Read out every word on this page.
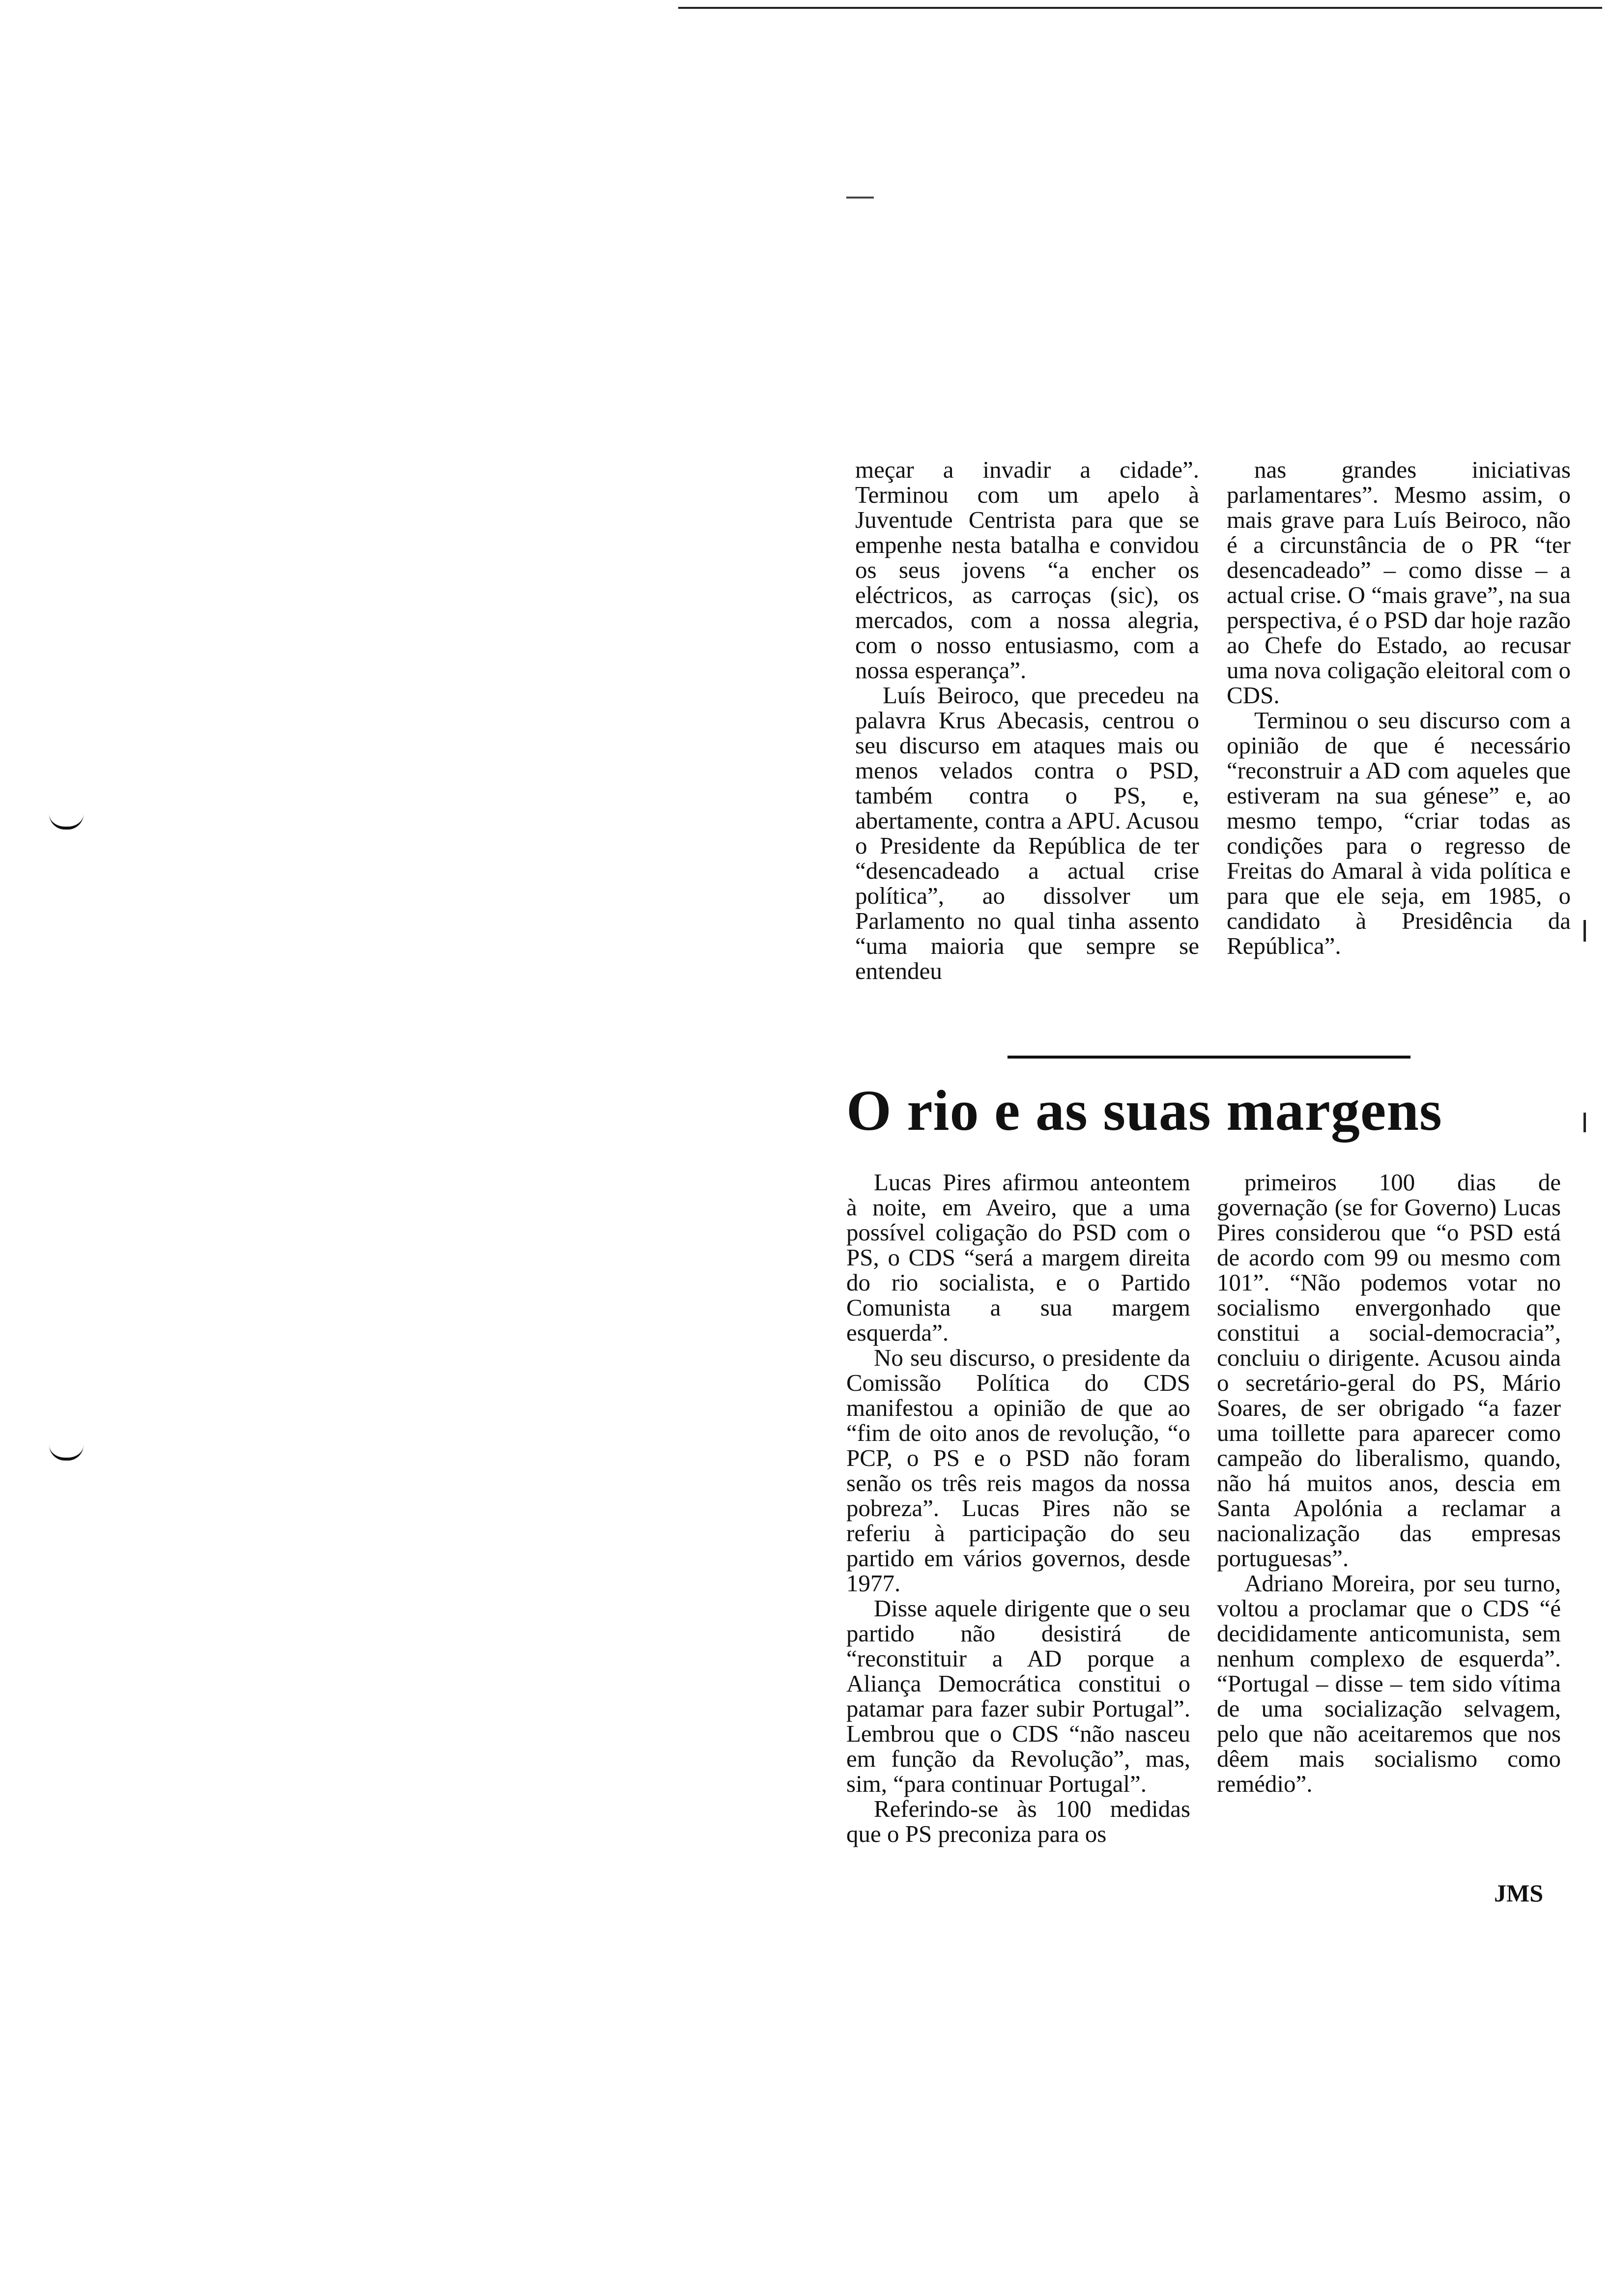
meçar a invadir a cidade”. Terminou com um apelo à Juventude Centrista para que se empenhe nesta batalha e convidou os seus jovens “a encher os eléctricos, as carroças (sic), os mercados, com a nossa alegria, com o nosso entusiasmo, com a nossa esperança”.

Luís Beiroco, que precedeu na palavra Krus Abecasis, centrou o seu discurso em ataques mais ou menos velados contra o PSD, também contra o PS, e, abertamente, contra a APU. Acusou o Presidente da República de ter “desencadeado a actual crise política”, ao dissolver um Parlamento no qual tinha assento “uma maioria que sempre se entendeu

nas grandes iniciativas parlamentares”. Mesmo assim, o mais grave para Luís Beiroco, não é a circunstância de o PR “ter desencadeado” – como disse – a actual crise. O “mais grave”, na sua perspectiva, é o PSD dar hoje razão ao Chefe do Estado, ao recusar uma nova coligação eleitoral com o CDS.

Terminou o seu discurso com a opinião de que é necessário “reconstruir a AD com aqueles que estiveram na sua génese” e, ao mesmo tempo, “criar todas as condições para o regresso de Freitas do Amaral à vida política e para que ele seja, em 1985, o candidato à Presidência da República”.

O rio e as suas margens

Lucas Pires afirmou anteontem à noite, em Aveiro, que a uma possível coligação do PSD com o PS, o CDS “será a margem direita do rio socialista, e o Partido Comunista a sua margem esquerda”.

No seu discurso, o presidente da Comissão Política do CDS manifestou a opinião de que ao “fim de oito anos de revolução, “o PCP, o PS e o PSD não foram senão os três reis magos da nossa pobreza”. Lucas Pires não se referiu à participação do seu partido em vários governos, desde 1977.

Disse aquele dirigente que o seu partido não desistirá de “reconstituir a AD porque a Aliança Democrática constitui o patamar para fazer subir Portugal”. Lembrou que o CDS “não nasceu em função da Revolução”, mas, sim, “para continuar Portugal”.

Referindo-se às 100 medidas que o PS preconiza para os

primeiros 100 dias de governação (se for Governo) Lucas Pires considerou que “o PSD está de acordo com 99 ou mesmo com 101”. “Não podemos votar no socialismo envergonhado que constitui a social-democracia”, concluiu o dirigente. Acusou ainda o secretário-geral do PS, Mário Soares, de ser obrigado “a fazer uma toillette para aparecer como campeão do liberalismo, quando, não há muitos anos, descia em Santa Apolónia a reclamar a nacionalização das empresas portuguesas”.

Adriano Moreira, por seu turno, voltou a proclamar que o CDS “é decididamente anticomunista, sem nenhum complexo de esquerda”. “Portugal – disse – tem sido vítima de uma socialização selvagem, pelo que não aceitaremos que nos dêem mais socialismo como remédio”.

JMS
